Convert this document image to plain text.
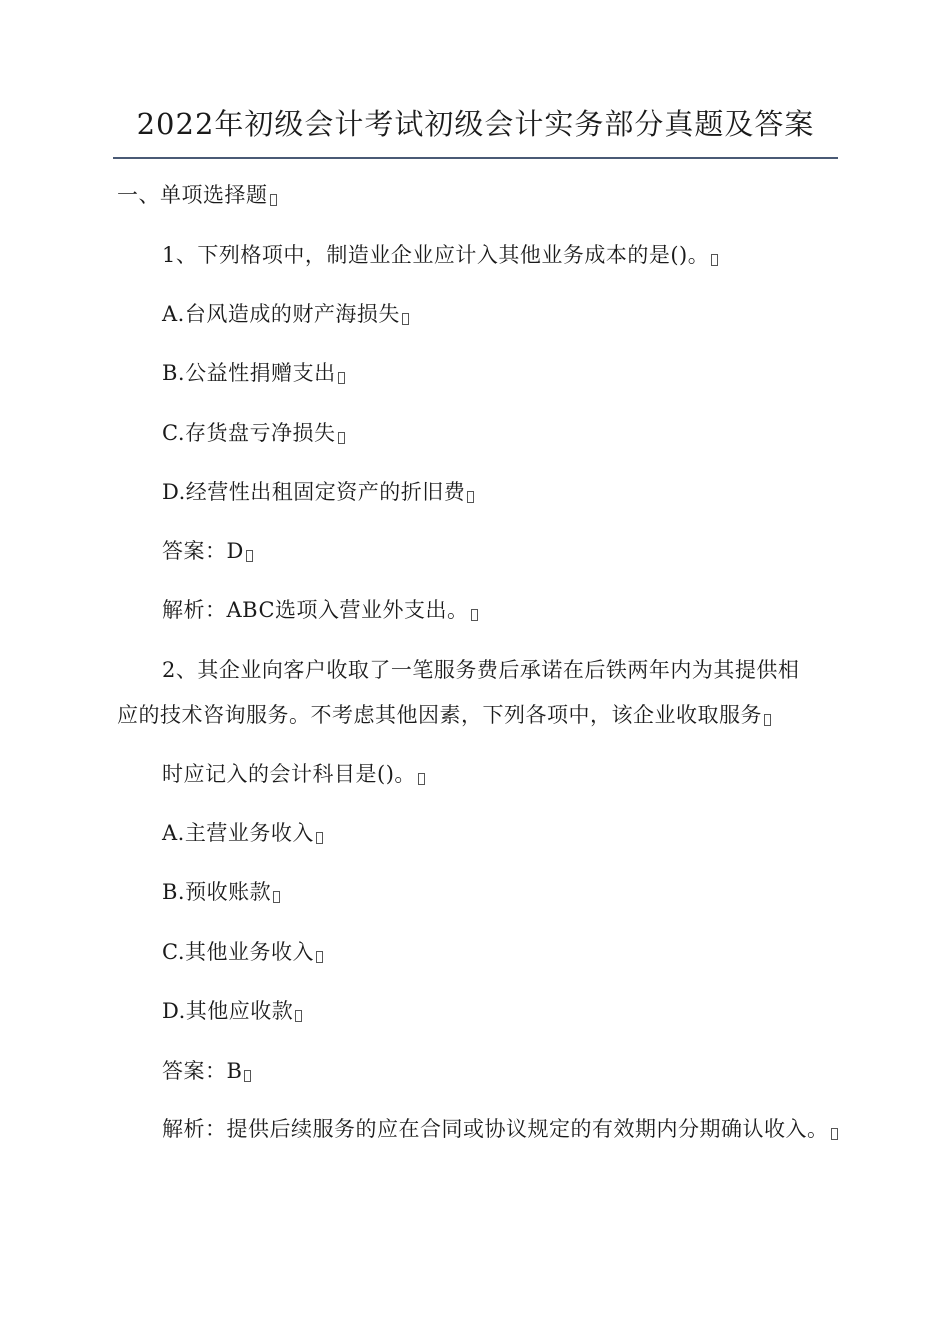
2022年初级会计考试初级会计实务部分真题及答案
一、单项选择题
1、下列格项中，制造业企业应计入其他业务成本的是()。
A.台风造成的财产海损失
B.公益性捐赠支出
C.存货盘亏净损失
D.经营性出租固定资产的折旧费
答案：D
解析：ABC选项入营业外支出。
2、其企业向客户收取了一笔服务费后承诺在后铁两年内为其提供相
应的技术咨询服务。不考虑其他因素，下列各项中，该企业收取服务
时应记入的会计科目是()。
A.主营业务收入
B.预收账款
C.其他业务收入
D.其他应收款
答案：B
解析：提供后续服务的应在合同或协议规定的有效期内分期确认收入。
